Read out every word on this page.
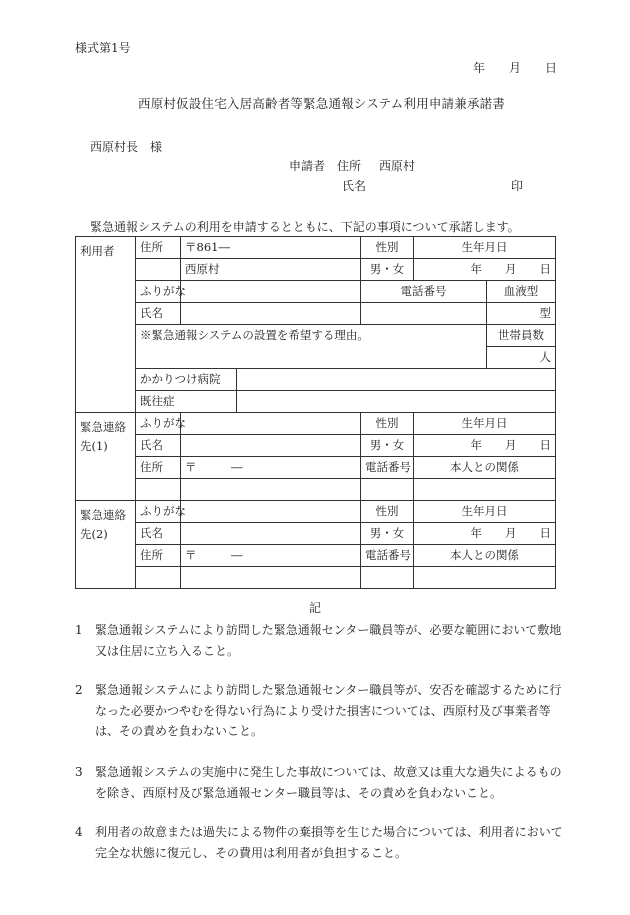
様式第1号
年　　月　　日
西原村仮設住宅入居高齢者等緊急通報システム利用申請兼承諾書
西原村長　様
申請者　住所 西原村
氏名	印
緊急通報システムの利用を申請するとともに、下記の事項について承諾します。
利用者	住所	〒861―		性別	生年月日	
		西原村		男・女	年　　月　　日	
	ふりがな			電話番号		血液型
	氏名					型
	※緊急通報システムの設置を希望する理由。					世帯員数
						人
	かかりつけ病院					
	既往症					
緊急連絡先(1)	ふりがな			性別	生年月日	
	氏名			男・女	年　　月　　日	
	住所	〒　　　―		電話番号	本人との関係	

緊急連絡先(2)	ふりがな			性別	生年月日	
	氏名			男・女	年　　月　　日	
	住所	〒　　　―		電話番号	本人との関係	

記
1	緊急通報システムにより訪問した緊急通報センター職員等が、必要な範囲において敷地又は住居に立ち入ること。
2	緊急通報システムにより訪問した緊急通報センター職員等が、安否を確認するために行なった必要かつやむを得ない行為により受けた損害については、西原村及び事業者等は、その責めを負わないこと。
3	緊急通報システムの実施中に発生した事故については、故意又は重大な過失によるものを除き、西原村及び緊急通報センター職員等は、その責めを負わないこと。
4	利用者の故意または過失による物件の棄損等を生じた場合については、利用者において完全な状態に復元し、その費用は利用者が負担すること。
